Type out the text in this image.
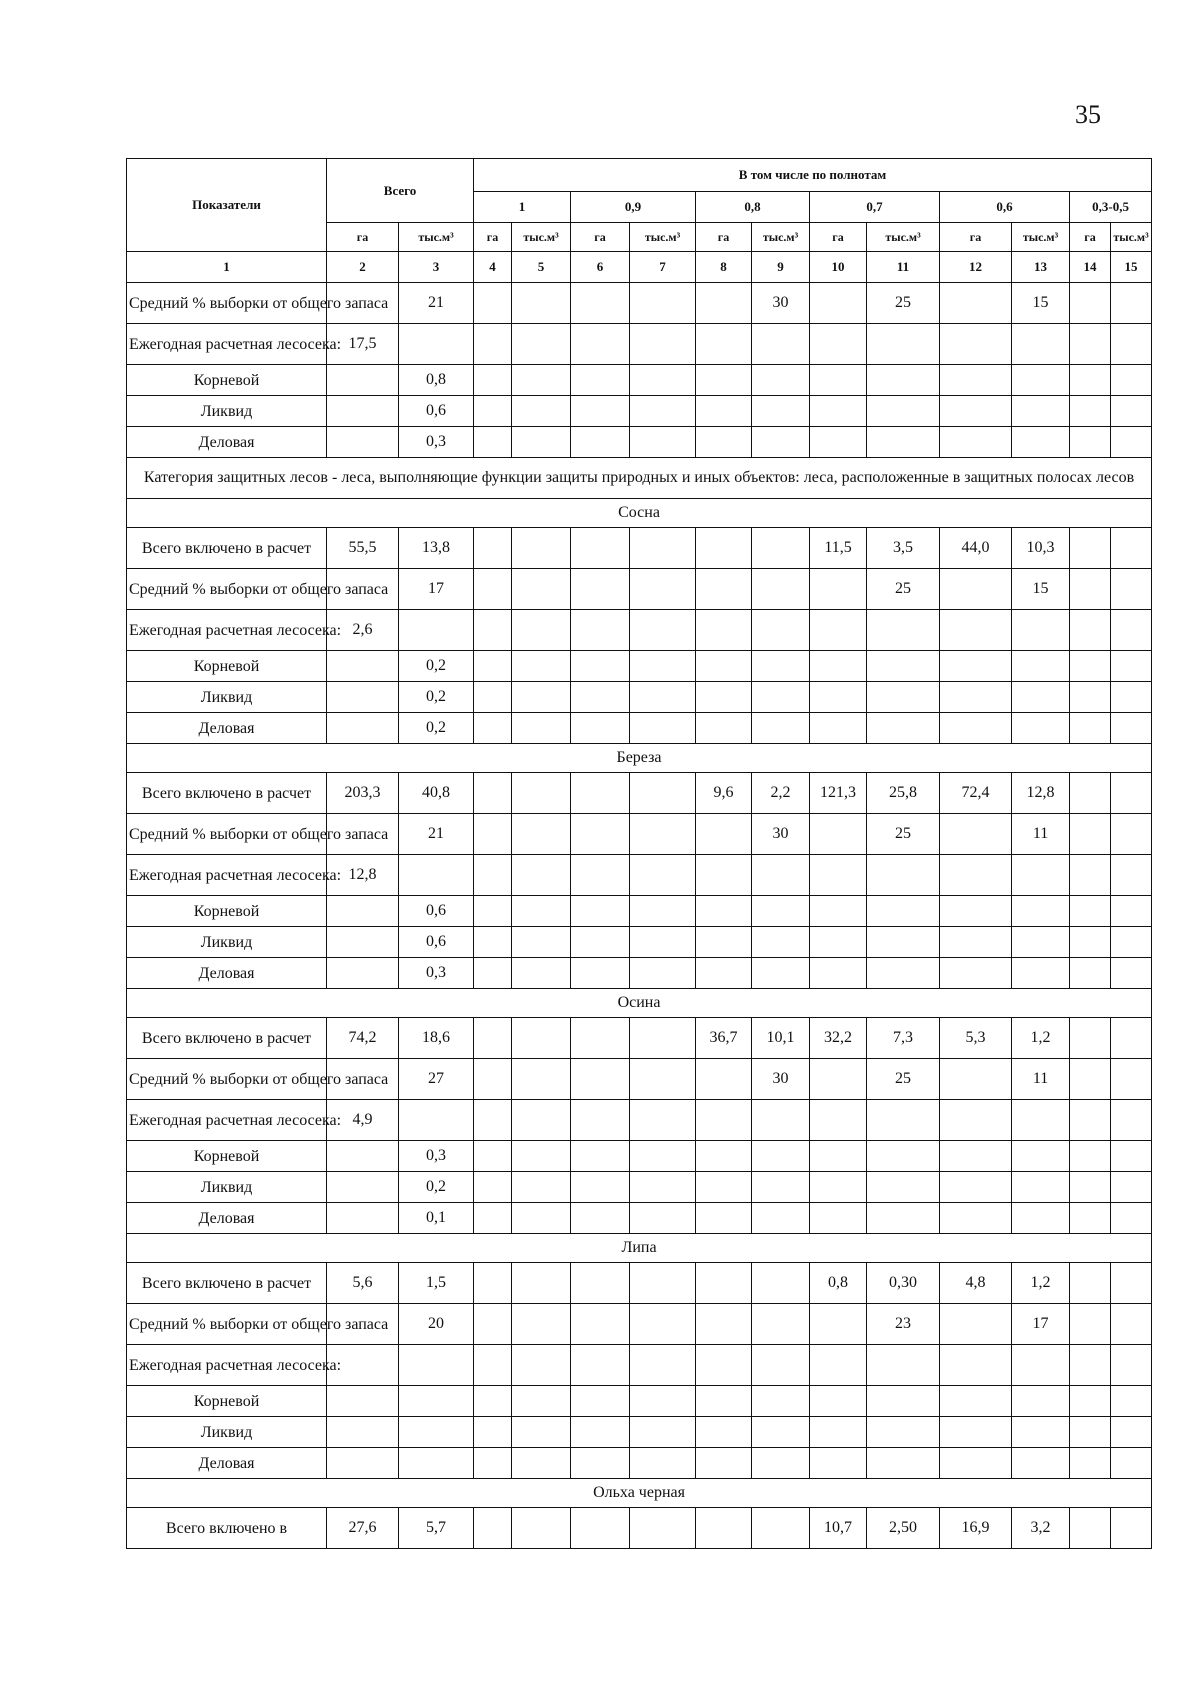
35
Показатели	Всего		В том числе по полнотам											
			1		0,9		0,8		0,7		0,6		0,3-0,5	
	га	тыс.м³	га	тыс.м³	га	тыс.м³	га	тыс.м³	га	тыс.м³	га	тыс.м³	га	тыс.м³
1	2	3	4	5	6	7	8	9	10	11	12	13	14	15
Средний % выборки от общего запаса		21						30		25		15		
Ежегодная расчетная лесосека:	17,5													
Корневой		0,8												
Ликвид		0,6												
Деловая		0,3												
Категория защитных лесов - леса, выполняющие функции защиты природных и иных объектов: леса, расположенные в защитных полосах лесов														
Сосна														
Всего включено в расчет	55,5	13,8							11,5	3,5	44,0	10,3		
Средний % выборки от общего запаса		17								25		15		
Ежегодная расчетная лесосека:	2,6													
Корневой		0,2												
Ликвид		0,2												
Деловая		0,2												
Береза														
Всего включено в расчет	203,3	40,8					9,6	2,2	121,3	25,8	72,4	12,8		
Средний % выборки от общего запаса		21						30		25		11		
Ежегодная расчетная лесосека:	12,8													
Корневой		0,6												
Ликвид		0,6												
Деловая		0,3												
Осина														
Всего включено в расчет	74,2	18,6					36,7	10,1	32,2	7,3	5,3	1,2		
Средний % выборки от общего запаса		27						30		25		11		
Ежегодная расчетная лесосека:	4,9													
Корневой		0,3												
Ликвид		0,2												
Деловая		0,1												
Липа														
Всего включено в расчет	5,6	1,5							0,8	0,30	4,8	1,2		
Средний % выборки от общего запаса		20								23		17		
Ежегодная расчетная лесосека:														
Корневой														
Ликвид														
Деловая														
Ольха черная														
Всего включено в	27,6	5,7							10,7	2,50	16,9	3,2		
